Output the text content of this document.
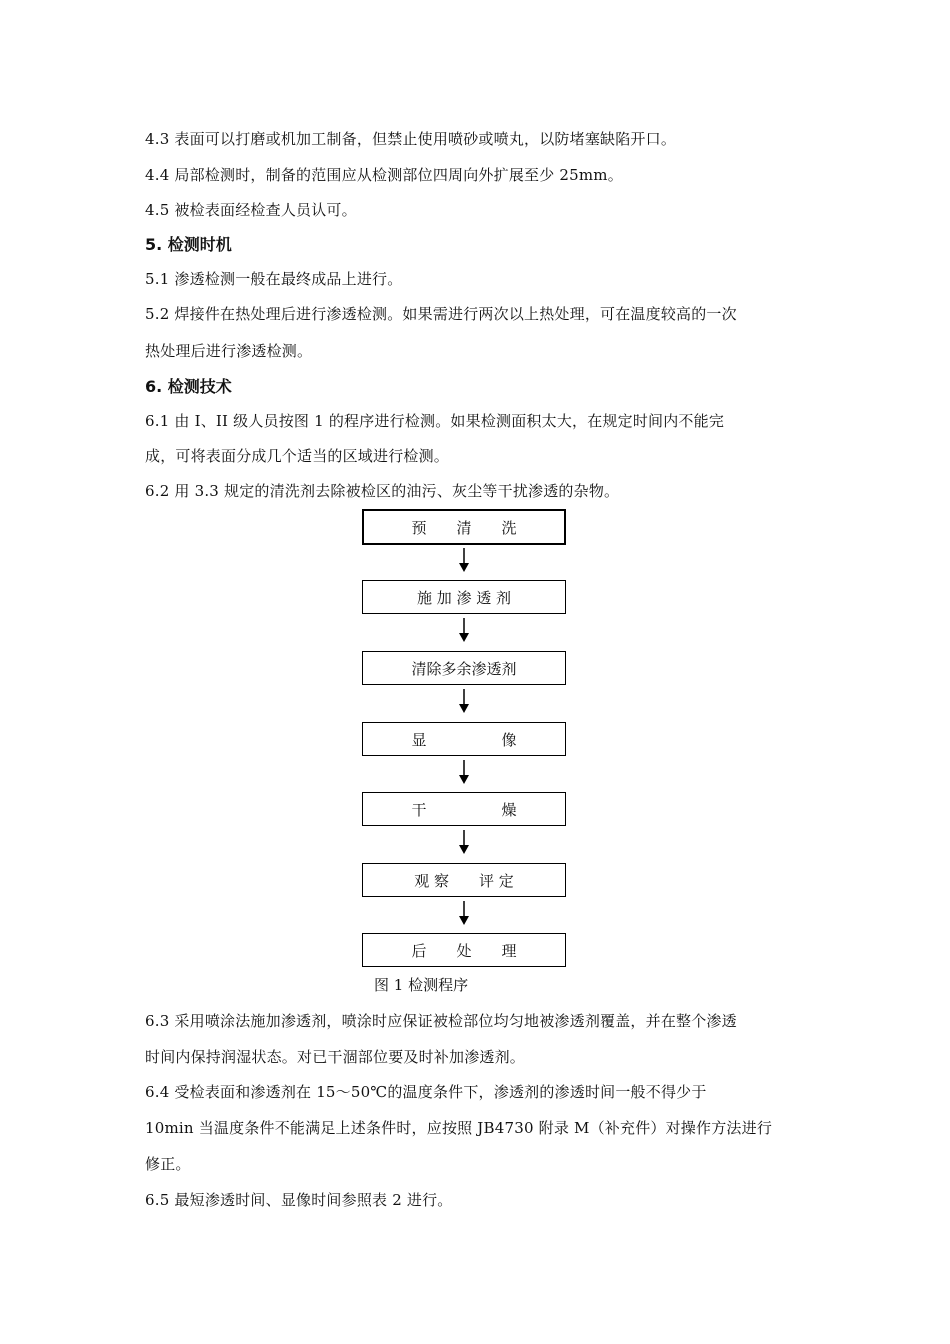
4.3 表面可以打磨或机加工制备，但禁止使用喷砂或喷丸，以防堵塞缺陷开口。
4.4 局部检测时，制备的范围应从检测部位四周向外扩展至少 25mm。
4.5 被检表面经检查人员认可。
5. 检测时机
5.1 渗透检测一般在最终成品上进行。
5.2 焊接件在热处理后进行渗透检测。如果需进行两次以上热处理，可在温度较高的一次
热处理后进行渗透检测。
6. 检测技术
6.1 由 I、II 级人员按图 1 的程序进行检测。如果检测面积太大，在规定时间内不能完
成，可将表面分成几个适当的区域进行检测。
6.2 用 3.3 规定的清洗剂去除被检区的油污、灰尘等干扰渗透的杂物。
预　　清　　洗
施 加 渗 透 剂
清除多余渗透剂
显　　　　　像
干　　　　　燥
观 察　　评 定
后　　处　　理
图 1 检测程序
6.3 采用喷涂法施加渗透剂，喷涂时应保证被检部位均匀地被渗透剂覆盖，并在整个渗透
时间内保持润湿状态。对已干涸部位要及时补加渗透剂。
6.4 受检表面和渗透剂在 15～50℃的温度条件下，渗透剂的渗透时间一般不得少于
10min 当温度条件不能满足上述条件时，应按照 JB4730 附录 M（补充件）对操作方法进行
修正。
6.5 最短渗透时间、显像时间参照表 2 进行。
